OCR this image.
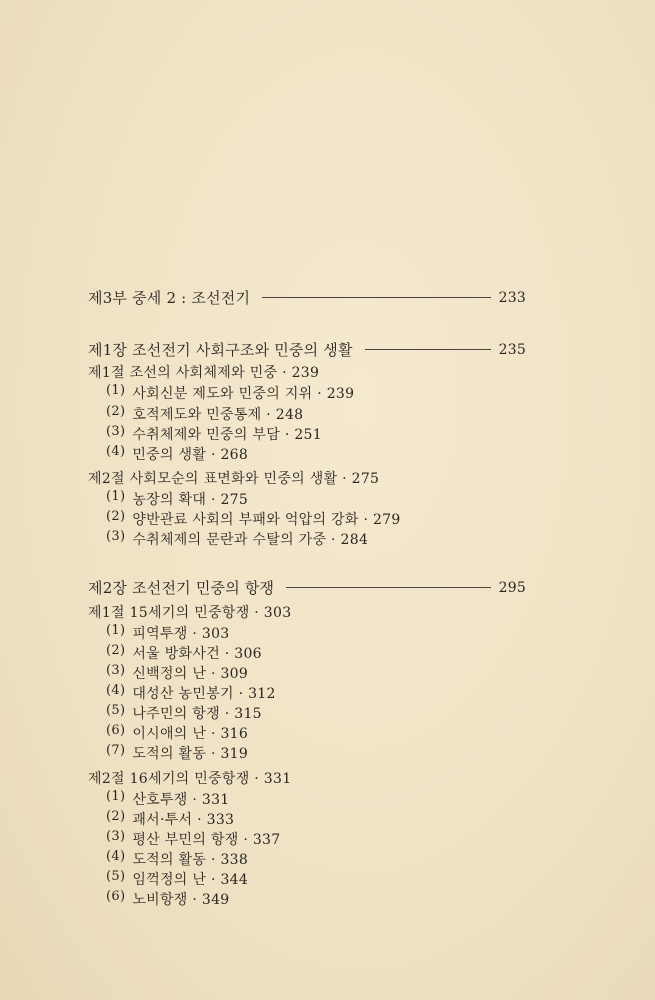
제3부 중세 2 : 조선전기	233
제1장 조선전기 사회구조와 민중의 생활	235
제1절 조선의 사회체제와 민중 · 239
(1) 사회신분 제도와 민중의 지위 · 239
(2) 호적제도와 민중통제 · 248
(3) 수취체제와 민중의 부담 · 251
(4) 민중의 생활 · 268
제2절 사회모순의 표면화와 민중의 생활 · 275
(1) 농장의 확대 · 275
(2) 양반관료 사회의 부패와 억압의 강화 · 279
(3) 수취체제의 문란과 수탈의 가중 · 284
제2장 조선전기 민중의 항쟁	295
제1절 15세기의 민중항쟁 · 303
(1) 피역투쟁 · 303
(2) 서울 방화사건 · 306
(3) 신백정의 난 · 309
(4) 대성산 농민봉기 · 312
(5) 나주민의 항쟁 · 315
(6) 이시애의 난 · 316
(7) 도적의 활동 · 319
제2절 16세기의 민중항쟁 · 331
(1) 산호투쟁 · 331
(2) 괘서·투서 · 333
(3) 평산 부민의 항쟁 · 337
(4) 도적의 활동 · 338
(5) 임꺽정의 난 · 344
(6) 노비항쟁 · 349
